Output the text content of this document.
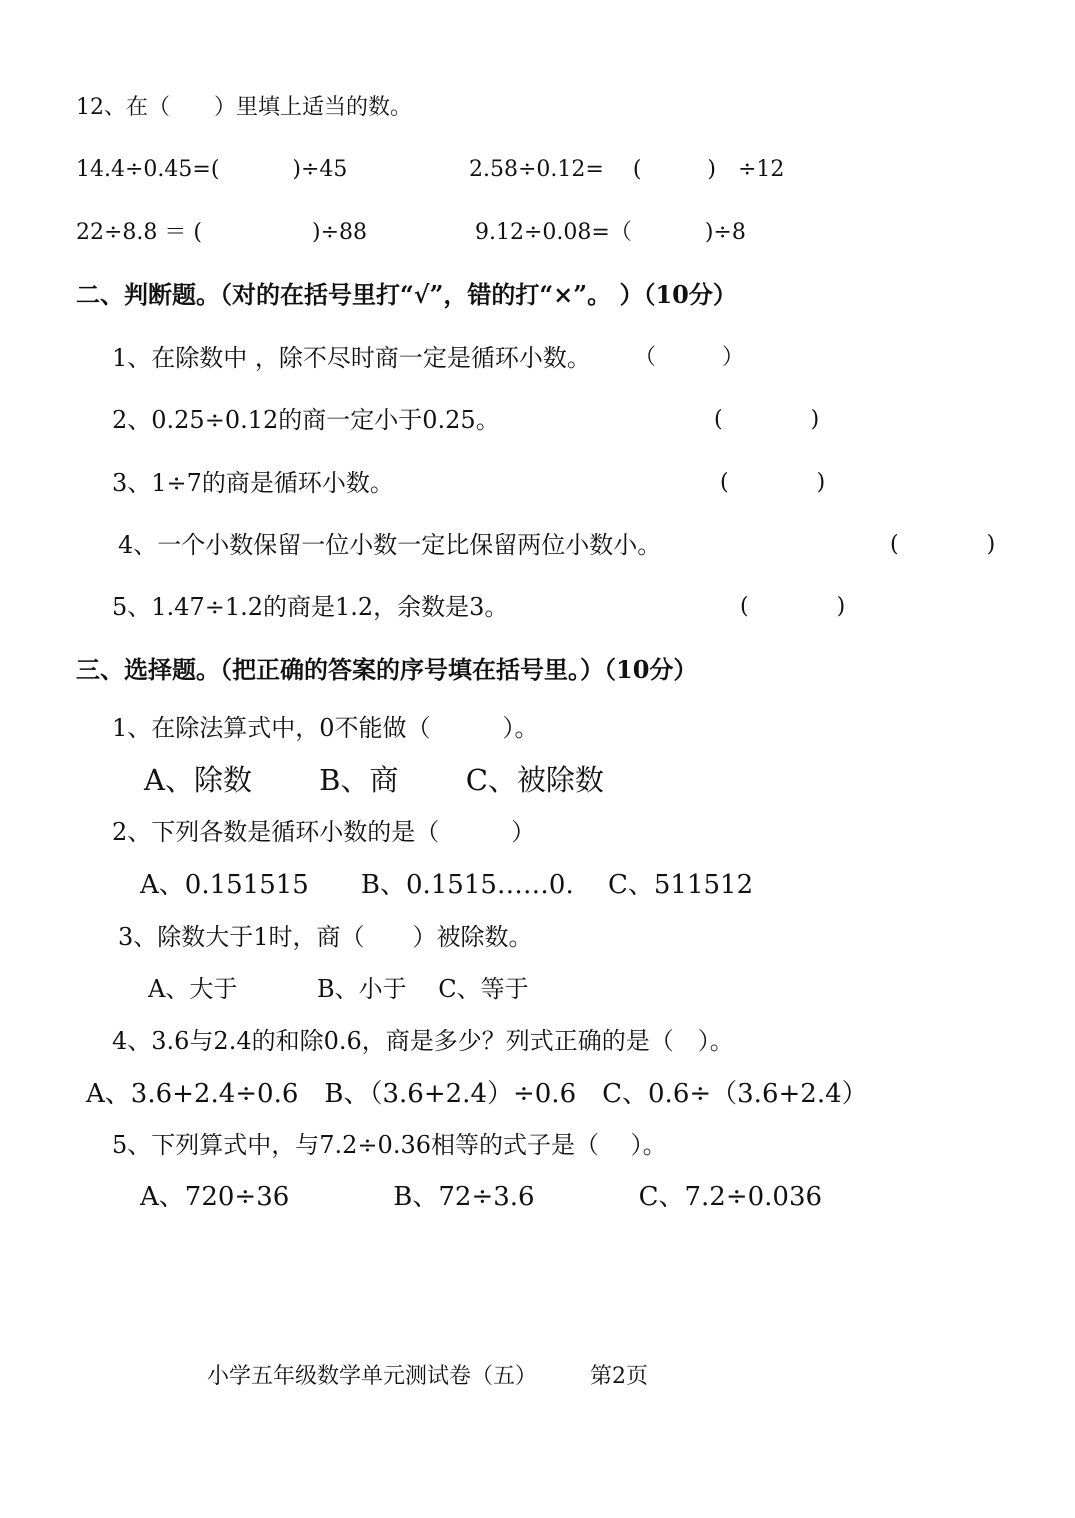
12、在（　　）里填上适当的数。
14.4÷0.45=(　　　 )÷45	2.58÷0.12=　 (　　　)　÷12
22÷8.8 ＝ (　　　　　)÷88	9.12÷0.08=（　　　 )÷8
二、判断题。（对的在括号里打“√”，错的打“×”。 ）（10分）
1、在除数中 ，除不尽时商一定是循环小数。 （　　　）
2、0.25÷0.12的商一定小于0.25。	(　　　　)
3、1÷7的商是循环小数。	(　　　　)
4、一个小数保留一位小数一定比保留两位小数小。	(　　　　)
5、1.47÷1.2的商是1.2，余数是3。	(　　　　)
三、选择题。（把正确的答案的序号填在括号里。）（10分）
1、在除法算式中，0不能做（　　　）。
A、除数　　 B、商　　 C、被除数
2、下列各数是循环小数的是（　　　）
A、0.151515　　B、0.1515……0.　 C、511512
3、除数大于1时，商（　　）被除数。
A、大于　　　 B、小于　 C、等于
4、3.6与2.4的和除0.6，商是多少？列式正确的是（　）。
A、3.6+2.4÷0.6　B、（3.6+2.4）÷0.6　C、0.6÷（3.6+2.4）
5、下列算式中，与7.2÷0.36相等的式子是（　 ）。
A、720÷36　　　　B、72÷3.6　　　　C、7.2÷0.036
小学五年级数学单元测试卷（五） 第2页
